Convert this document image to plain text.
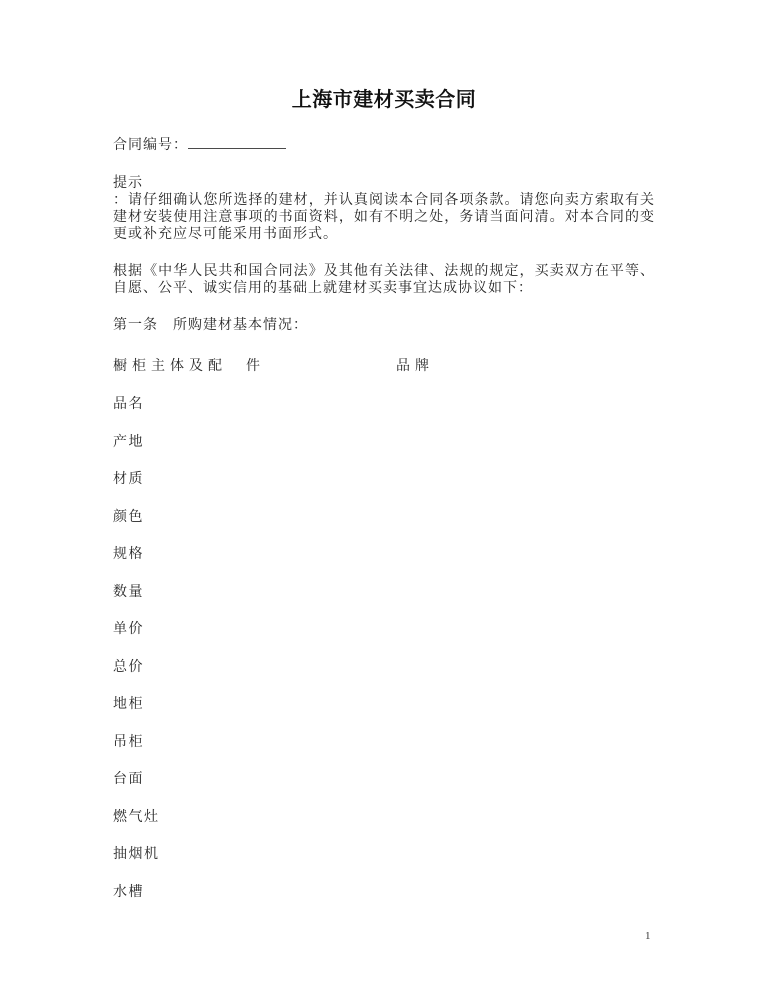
上海市建材买卖合同
合同编号：
提示
：请仔细确认您所选择的建材，并认真阅读本合同各项条款。请您向卖方索取有关建材安装使用注意事项的书面资料，如有不明之处，务请当面问清。对本合同的变更或补充应尽可能采用书面形式。

根据《中华人民共和国合同法》及其他有关法律、法规的规定，买卖双方在平等、自愿、公平、诚实信用的基础上就建材买卖事宜达成协议如下：

第一条　所购建材基本情况：

橱柜主体及配　件	品牌
品名
产地
材质
颜色
规格
数量
单价
总价
地柜
吊柜
台面
燃气灶
抽烟机
水槽
1
